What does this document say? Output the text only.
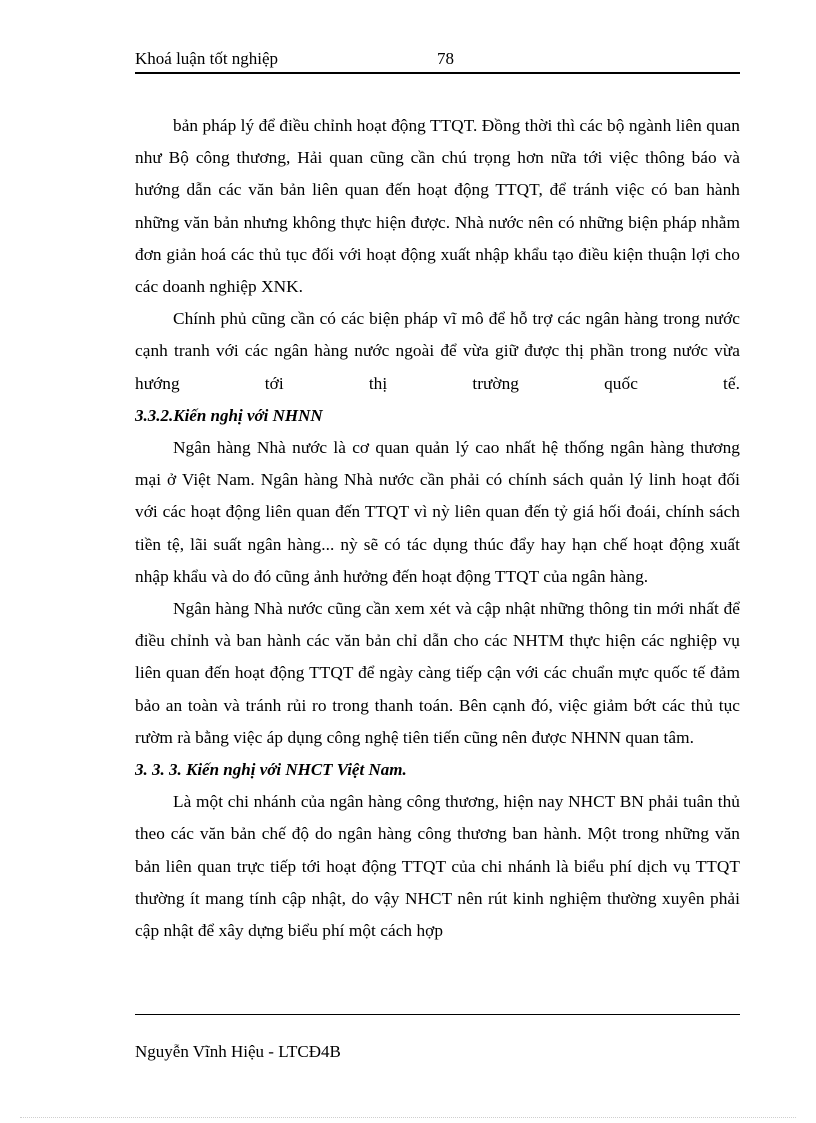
Khoá luận tốt nghiệp	78

bản pháp lý để điều chỉnh hoạt động TTQT. Đồng thời thì các bộ ngành liên quan như Bộ công thương, Hải quan cũng cần chú trọng hơn nữa tới việc thông báo và hướng dẫn các văn bản liên quan đến hoạt động TTQT, để tránh việc có ban hành những văn bản nhưng không thực hiện được. Nhà nước nên có những biện pháp nhằm đơn giản hoá các thủ tục đối với hoạt động xuất nhập khẩu tạo điều kiện thuận lợi cho các doanh nghiệp XNK.

Chính phủ cũng cần có các biện pháp vĩ mô để hỗ trợ các ngân hàng trong nước cạnh tranh với các ngân hàng nước ngoài để vừa giữ được thị phần trong nước vừa hướng tới thị trường quốc tế.

3.3.2.Kiến nghị với NHNN

Ngân hàng Nhà nước là cơ quan quản lý cao nhất hệ thống ngân hàng thương mại ở Việt Nam. Ngân hàng Nhà nước cần phải có chính sách quản lý linh hoạt đối với các hoạt động liên quan đến TTQT vì nỳ liên quan đến tỷ giá hối đoái, chính sách tiền tệ, lãi suất ngân hàng... nỳ sẽ có tác dụng thúc đẩy hay hạn chế hoạt động xuất nhập khẩu và do đó cũng ảnh hưởng đến hoạt động TTQT của ngân hàng.

Ngân hàng Nhà nước cũng cần xem xét và cập nhật những thông tin mới nhất để điều chỉnh và ban hành các văn bản chỉ dẫn cho các NHTM thực hiện các nghiệp vụ liên quan đến hoạt động TTQT để ngày càng tiếp cận với các chuẩn mực quốc tế đảm bảo an toàn và tránh rủi ro trong thanh toán. Bên cạnh đó, việc giảm bớt các thủ tục rườm rà bằng việc áp dụng công nghệ tiên tiến cũng nên được NHNN quan tâm.

3. 3. 3. Kiến nghị với NHCT Việt Nam.

Là một chi nhánh của ngân hàng công thương, hiện nay NHCT BN phải tuân thủ theo các văn bản chế độ do ngân hàng công thương ban hành. Một trong những văn bản liên quan trực tiếp tới hoạt động TTQT của chi nhánh là biểu phí dịch vụ TTQT thường ít mang tính cập nhật, do vậy NHCT nên rút kinh nghiệm thường xuyên phải cập nhật để xây dựng biểu phí một cách hợp

Nguyễn Vĩnh Hiệu - LTCĐ4B
